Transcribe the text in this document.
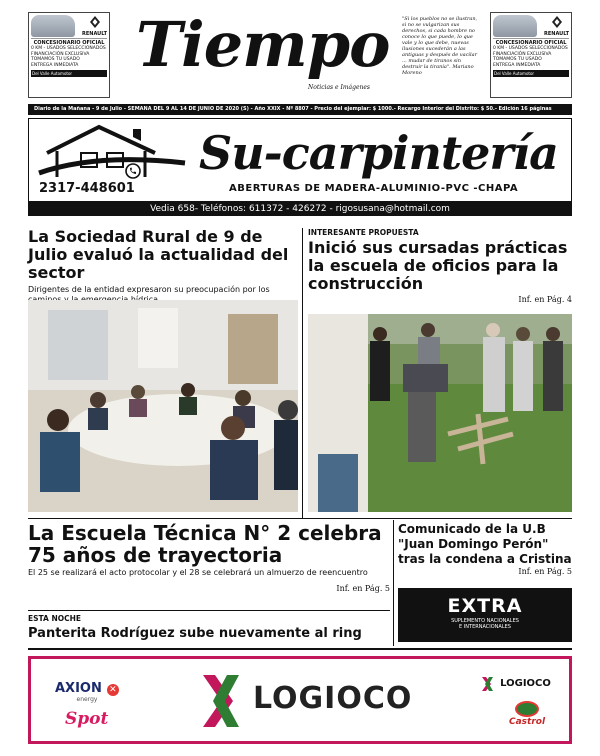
RENAULT
CONCESIONARIO OFICIAL
0 KM - USADOS SELECCIONADOS
FINANCIACIÓN EXCLUSIVA
TOMAMOS TU USADO
ENTREGA INMEDIATA
Del Valle Automotor	Tiempo
Noticias e Imágenes
"Si los pueblos no se ilustran, si no se vulgarizan sus derechos, si cada hombre no conoce lo que puede, lo que vale y lo que debe, nuevas ilusiones sucederán a las antiguas y después de vacilar ... mudar de tiranos sin destruir la tiranía". Mariano Moreno
RENAULT
CONCESIONARIO OFICIAL
0 KM - USADOS SELECCIONADOS
FINANCIACIÓN EXCLUSIVA
TOMAMOS TU USADO
ENTREGA INMEDIATA
Del Valle Automotor
Diario de la Mañana - 9 de Julio - SEMANA DEL 9 AL 14 DE JUNIO DE 2020 (S) - Año XXIX - Nº 8807 - Precio del ejemplar: $ 1000.- Recargo Interior del Distrito: $ 50.- Edición 16 páginas
2317-448601
Su-carpintería
ABERTURAS DE MADERA-ALUMINIO-PVC -CHAPA
Vedia 658- Teléfonos: 611372 - 426272 - rigosusana@hotmail.com
La Sociedad Rural de 9 de Julio evaluó la actualidad del sector
Dirigentes de la entidad expresaron su preocupación por los
INTERESANTE PROPUESTA
Inició sus cursadas prácticas la escuela de oficios para la construcción
Inf. en Pág. 4
La Escuela Técnica N° 2 celebra 75 años de trayectoria
El 25 se realizará el acto protocolar y el 28 se celebrará un almuerzo de reencuentro
Inf. en Pág. 5
Comunicado de la U.B "Juan Domingo Perón" tras la condena a Cristina
Inf. en Pág. 5
EXTRA
SUPLEMENTO NACIONALES E INTERNACIONALES
ESTA NOCHE
Panterita Rodríguez sube nuevamente al ring
AXION ✕
energy
Spot
LOGIOCO	LOGIOCO
Castrol
